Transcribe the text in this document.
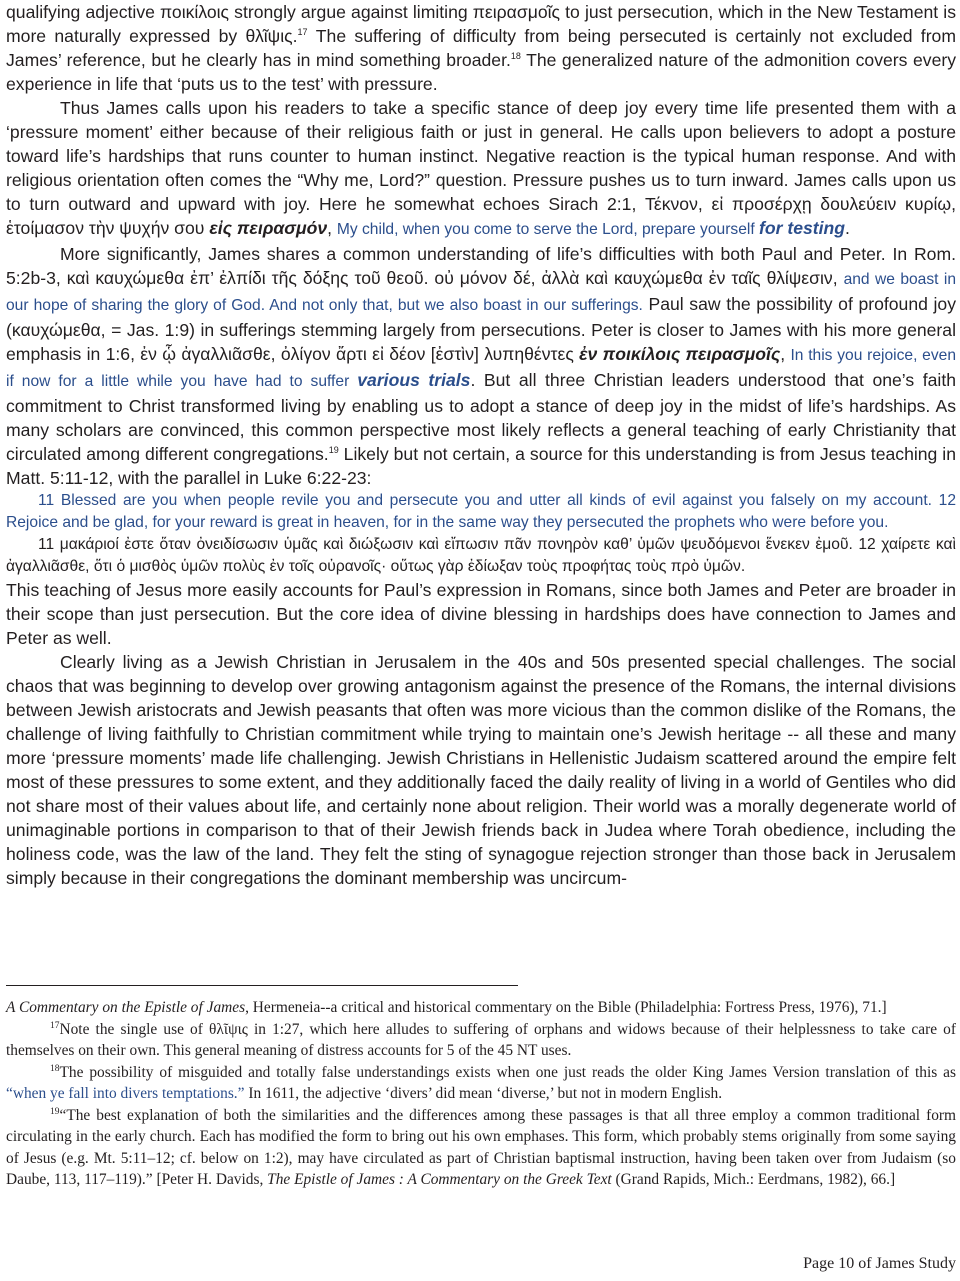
qualifying adjective ποικίλοις strongly argue against limiting πειρασμοῖς to just persecution, which in the New Testament is more naturally expressed by θλῖψις.$^{17}$ The suffering of difficulty from being persecuted is certainly not excluded from James’ reference, but he clearly has in mind something broader.$^{18}$ The generalized nature of the admonition covers every experience in life that ‘puts us to the test’ with pressure.

Thus James calls upon his readers to take a specific stance of deep joy every time life presented them with a ‘pressure moment’ either because of their religious faith or just in general. He calls upon believers to adopt a posture toward life’s hardships that runs counter to human instinct. Negative reaction is the typical human response. And with religious orientation often comes the “Why me, Lord?” question. Pressure pushes us to turn inward. James calls upon us to turn outward and upward with joy. Here he somewhat echoes Sirach 2:1, Τέκνον, εἰ προσέρχῃ δουλεύειν κυρίῳ, ἑτοίμασον τὴν ψυχήν σου εἰς πειρασμόν, My child, when you come to serve the Lord, prepare yourself for testing.

More significantly, James shares a common understanding of life’s difficulties with both Paul and Peter. In Rom. 5:2b-3, καὶ καυχώμεθα ἐπ’ ἐλπίδι τῆς δόξης τοῦ θεοῦ. οὐ μόνον δέ, ἀλλὰ καὶ καυχώμεθα ἐν ταῖς θλίψεσιν, and we boast in our hope of sharing the glory of God. And not only that, but we also boast in our sufferings. Paul saw the possibility of profound joy (καυχώμεθα, = Jas. 1:9) in sufferings stemming largely from persecutions. Peter is closer to James with his more general emphasis in 1:6, ἐν ᾧ ἀγαλλιᾶσθε, ὀλίγον ἄρτι εἰ δέον [ἐστὶν] λυπηθέντες ἐν ποικίλοις πειρασμοῖς, In this you rejoice, even if now for a little while you have had to suffer various trials. But all three Christian leaders understood that one’s faith commitment to Christ transformed living by enabling us to adopt a stance of deep joy in the midst of life’s hardships. As many scholars are convinced, this common perspective most likely reflects a general teaching of early Christianity that circulated among different congregations.$^{19}$ Likely but not certain, a source for this understanding is from Jesus teaching in Matt. 5:11-12, with the parallel in Luke 6:22-23:

11 Blessed are you when people revile you and persecute you and utter all kinds of evil against you falsely on my account. 12 Rejoice and be glad, for your reward is great in heaven, for in the same way they persecuted the prophets who were before you.

11 μακάριοί ἐστε ὅταν ὀνειδίσωσιν ὑμᾶς καὶ διώξωσιν καὶ εἴπωσιν πᾶν πονηρὸν καθ’ ὑμῶν ψευδόμενοι ἕνεκεν ἐμοῦ. 12 χαίρετε καὶ ἀγαλλιᾶσθε, ὅτι ὁ μισθὸς ὑμῶν πολὺς ἐν τοῖς οὐρανοῖς· οὕτως γὰρ ἐδίωξαν τοὺς προφήτας τοὺς πρὸ ὑμῶν.

This teaching of Jesus more easily accounts for Paul’s expression in Romans, since both James and Peter are broader in their scope than just persecution. But the core idea of divine blessing in hardships does have connection to James and Peter as well.

Clearly living as a Jewish Christian in Jerusalem in the 40s and 50s presented special challenges. The social chaos that was beginning to develop over growing antagonism against the presence of the Romans, the internal divisions between Jewish aristocrats and Jewish peasants that often was more vicious than the common dislike of the Romans, the challenge of living faithfully to Christian commitment while trying to maintain one’s Jewish heritage -- all these and many more ‘pressure moments’ made life challenging. Jewish Christians in Hellenistic Judaism scattered around the empire felt most of these pressures to some extent, and they additionally faced the daily reality of living in a world of Gentiles who did not share most of their values about life, and certainly none about religion. Their world was a morally degenerate world of unimaginable portions in comparison to that of their Jewish friends back in Judea where Torah obedience, including the holiness code, was the law of the land. They felt the sting of synagogue rejection stronger than those back in Jerusalem simply because in their congregations the dominant membership was uncircum-

A Commentary on the Epistle of James, Hermeneia--a critical and historical commentary on the Bible (Philadelphia: Fortress Press, 1976), 71.]

$^{17}$Note the single use of θλῖψις in 1:27, which here alludes to suffering of orphans and widows because of their helplessness to take care of themselves on their own. This general meaning of distress accounts for 5 of the 45 NT uses.

$^{18}$The possibility of misguided and totally false understandings exists when one just reads the older King James Version translation of this as “when ye fall into divers temptations.” In 1611, the adjective ‘divers’ did mean ‘diverse,’ but not in modern English.

$^{19}$“The best explanation of both the similarities and the differences among these passages is that all three employ a common traditional form circulating in the early church. Each has modified the form to bring out his own emphases. This form, which probably stems originally from some saying of Jesus (e.g. Mt. 5:11–12; cf. below on 1:2), may have circulated as part of Christian baptismal instruction, having been taken over from Judaism (so Daube, 113, 117–119).” [Peter H. Davids, The Epistle of James : A Commentary on the Greek Text (Grand Rapids, Mich.: Eerdmans, 1982), 66.]

Page 10 of James Study
